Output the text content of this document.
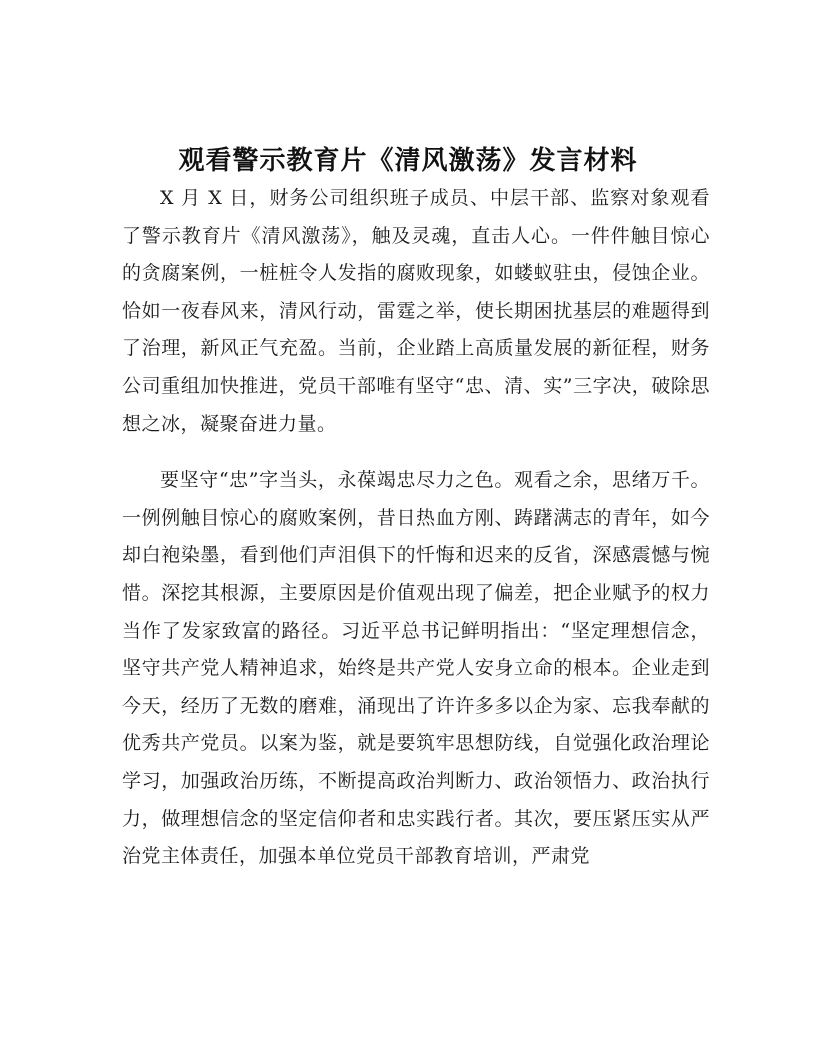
观看警示教育片《清风激荡》发言材料

X 月 X 日，财务公司组织班子成员、中层干部、监察对象观看了警示教育片《清风激荡》，触及灵魂，直击人心。一件件触目惊心的贪腐案例，一桩桩令人发指的腐败现象，如蝼蚁驻虫，侵蚀企业。恰如一夜春风来，清风行动，雷霆之举，使长期困扰基层的难题得到了治理，新风正气充盈。当前，企业踏上高质量发展的新征程，财务公司重组加快推进，党员干部唯有坚守“忠、清、实”三字决，破除思想之冰，凝聚奋进力量。

要坚守“忠”字当头，永葆竭忠尽力之色。观看之余，思绪万千。一例例触目惊心的腐败案例，昔日热血方刚、踌躇满志的青年，如今却白袍染墨，看到他们声泪俱下的忏悔和迟来的反省，深感震憾与惋惜。深挖其根源，主要原因是价值观出现了偏差，把企业赋予的权力当作了发家致富的路径。习近平总书记鲜明指出：“坚定理想信念，坚守共产党人精神追求，始终是共产党人安身立命的根本。企业走到今天，经历了无数的磨难，涌现出了许许多多以企为家、忘我奉献的优秀共产党员。以案为鉴，就是要筑牢思想防线，自觉强化政治理论学习，加强政治历练，不断提高政治判断力、政治领悟力、政治执行力，做理想信念的坚定信仰者和忠实践行者。其次，要压紧压实从严治党主体责任，加强本单位党员干部教育培训，严肃党
